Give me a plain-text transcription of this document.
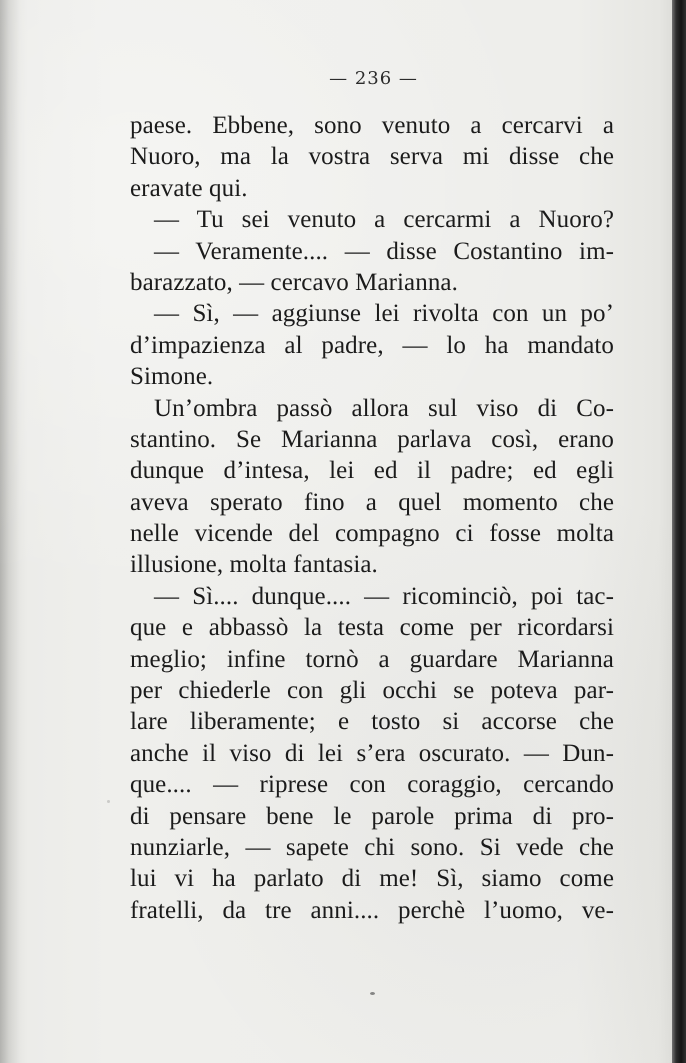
— 236 —
paese. Ebbene, sono venuto a cercarvi a
Nuoro, ma la vostra serva mi disse che
eravate qui.
— Tu sei venuto a cercarmi a Nuoro?
— Veramente.... — disse Costantino im-
barazzato, — cercavo Marianna.
— Sì, — aggiunse lei rivolta con un po’
d’impazienza al padre, — lo ha mandato
Simone.
Un’ombra passò allora sul viso di Co-
stantino. Se Marianna parlava così, erano
dunque d’intesa, lei ed il padre; ed egli
aveva sperato fino a quel momento che
nelle vicende del compagno ci fosse molta
illusione, molta fantasia.
— Sì.... dunque.... — ricominciò, poi tac-
que e abbassò la testa come per ricordarsi
meglio; infine tornò a guardare Marianna
per chiederle con gli occhi se poteva par-
lare liberamente; e tosto si accorse che
anche il viso di lei s’era oscurato. — Dun-
que.... — riprese con coraggio, cercando
di pensare bene le parole prima di pro-
nunziarle, — sapete chi sono. Si vede che
lui vi ha parlato di me! Sì, siamo come
fratelli, da tre anni.... perchè l’uomo, ve-
